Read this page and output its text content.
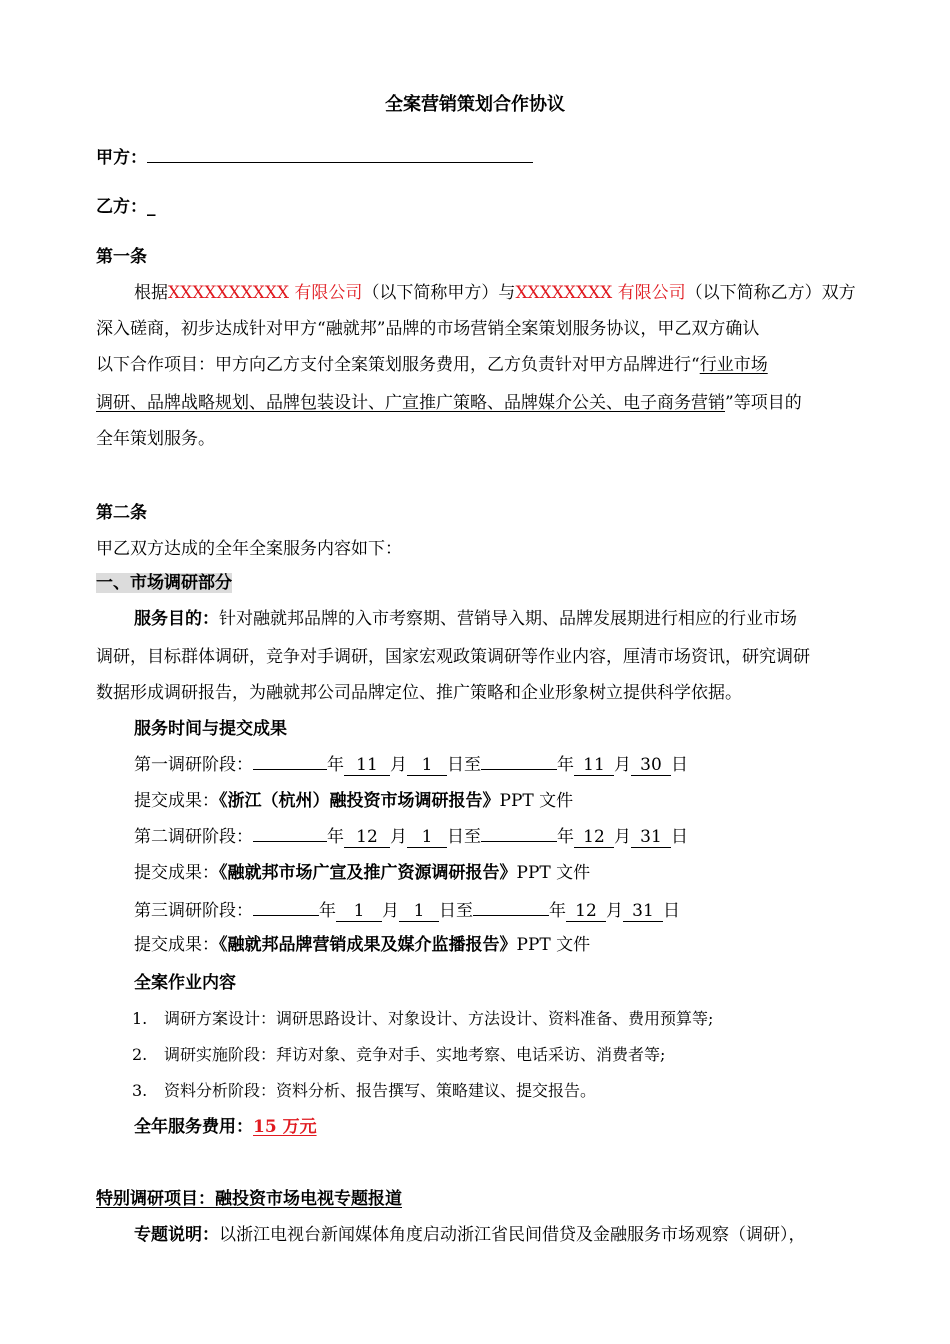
全案营销策划合作协议
甲方：
乙方：_
第一条
根据XXXXXXXXXX 有限公司（以下简称甲方）与XXXXXXXX 有限公司（以下简称乙方）双方
深入磋商，初步达成针对甲方“融就邦”品牌的市场营销全案策划服务协议，甲乙双方确认
以下合作项目：甲方向乙方支付全案策划服务费用，乙方负责针对甲方品牌进行“行业市场
调研、品牌战略规划、品牌包装设计、广宣推广策略、品牌媒介公关、电子商务营销”等项目的
全年策划服务。
第二条
甲乙双方达成的全年全案服务内容如下：
一、市场调研部分
服务目的：针对融就邦品牌的入市考察期、营销导入期、品牌发展期进行相应的行业市场
调研，目标群体调研，竞争对手调研，国家宏观政策调研等作业内容，厘清市场资讯，研究调研
数据形成调研报告，为融就邦公司品牌定位、推广策略和企业形象树立提供科学依据。
服务时间与提交成果
第一调研阶段：	年 11 月 1 日至	年 11 月 30 日
提交成果：《浙江（杭州）融投资市场调研报告》PPT 文件
第二调研阶段：	年 12 月 1 日至	年 12 月 31 日
提交成果：《融就邦市场广宣及推广资源调研报告》PPT 文件
第三调研阶段：	年 1 月 1 日至	年 12 月 31 日
提交成果：《融就邦品牌营销成果及媒介监播报告》PPT 文件
全案作业内容
1. 调研方案设计：调研思路设计、对象设计、方法设计、资料准备、费用预算等;
2. 调研实施阶段：拜访对象、竞争对手、实地考察、电话采访、消费者等;
3. 资料分析阶段：资料分析、报告撰写、策略建议、提交报告。
全年服务费用：15 万元
特别调研项目：融投资市场电视专题报道
专题说明：以浙江电视台新闻媒体角度启动浙江省民间借贷及金融服务市场观察（调研），
